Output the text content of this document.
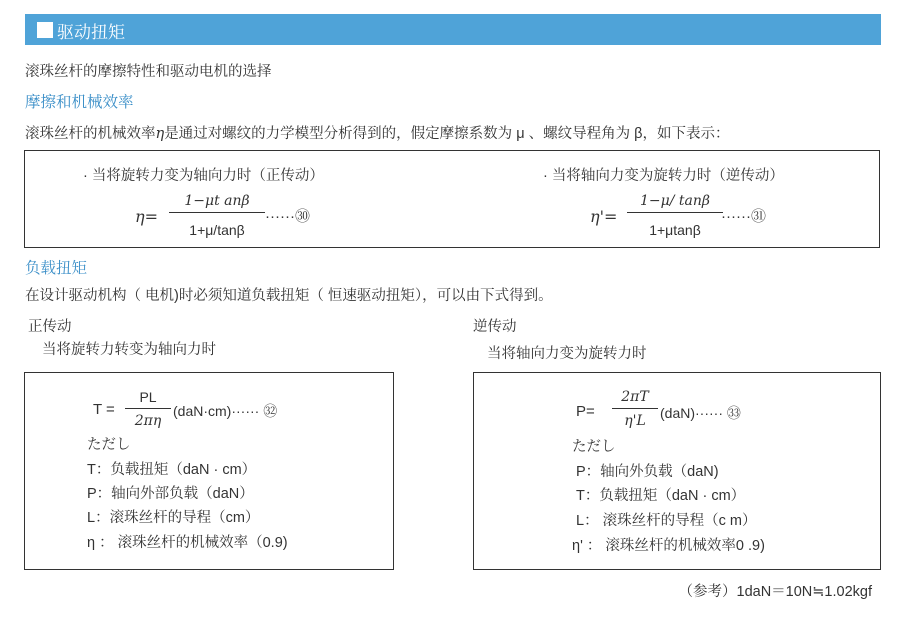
驱动扭矩
滚珠丝杆的摩擦特性和驱动电机的选择
摩擦和机械效率
滚珠丝杆的机械效率η是通过对螺纹的力学模型分析得到的，假定摩擦系数为 μ 、螺纹导程角为 β，如下表示：
· 当将旋转力变为轴向力时（正传动）
η=
1−μt anβ
1+μ/tanβ
······㉚
· 当将轴向力变为旋转力时（逆传动）
η'=
1−μ/ tanβ
1+μtanβ
······㉛
负载扭矩
在设计驱动机构（ 电机)时必须知道负载扭矩（ 恒速驱动扭矩），可以由下式得到。
正传动
当将旋转力转变为轴向力时
T =
PL
2πη
(daN·cm)······ ㉜
ただし
T：负载扭矩（daN · cm）
P：轴向外部负载（daN）
L：滚珠丝杆的导程（cm）
η ： 滚珠丝杆的机械效率（0.9)
逆传动
当将轴向力变为旋转力时
P=
2πT
η'L	(daN)······ ㉝
ただし
P：轴向外负载（daN)
T：负载扭矩（daN · cm）
L： 滚珠丝杆的导程（c m）
η' ： 滚珠丝杆的机械效率0 .9)
（参考）1daN＝10N≒1.02kgf
